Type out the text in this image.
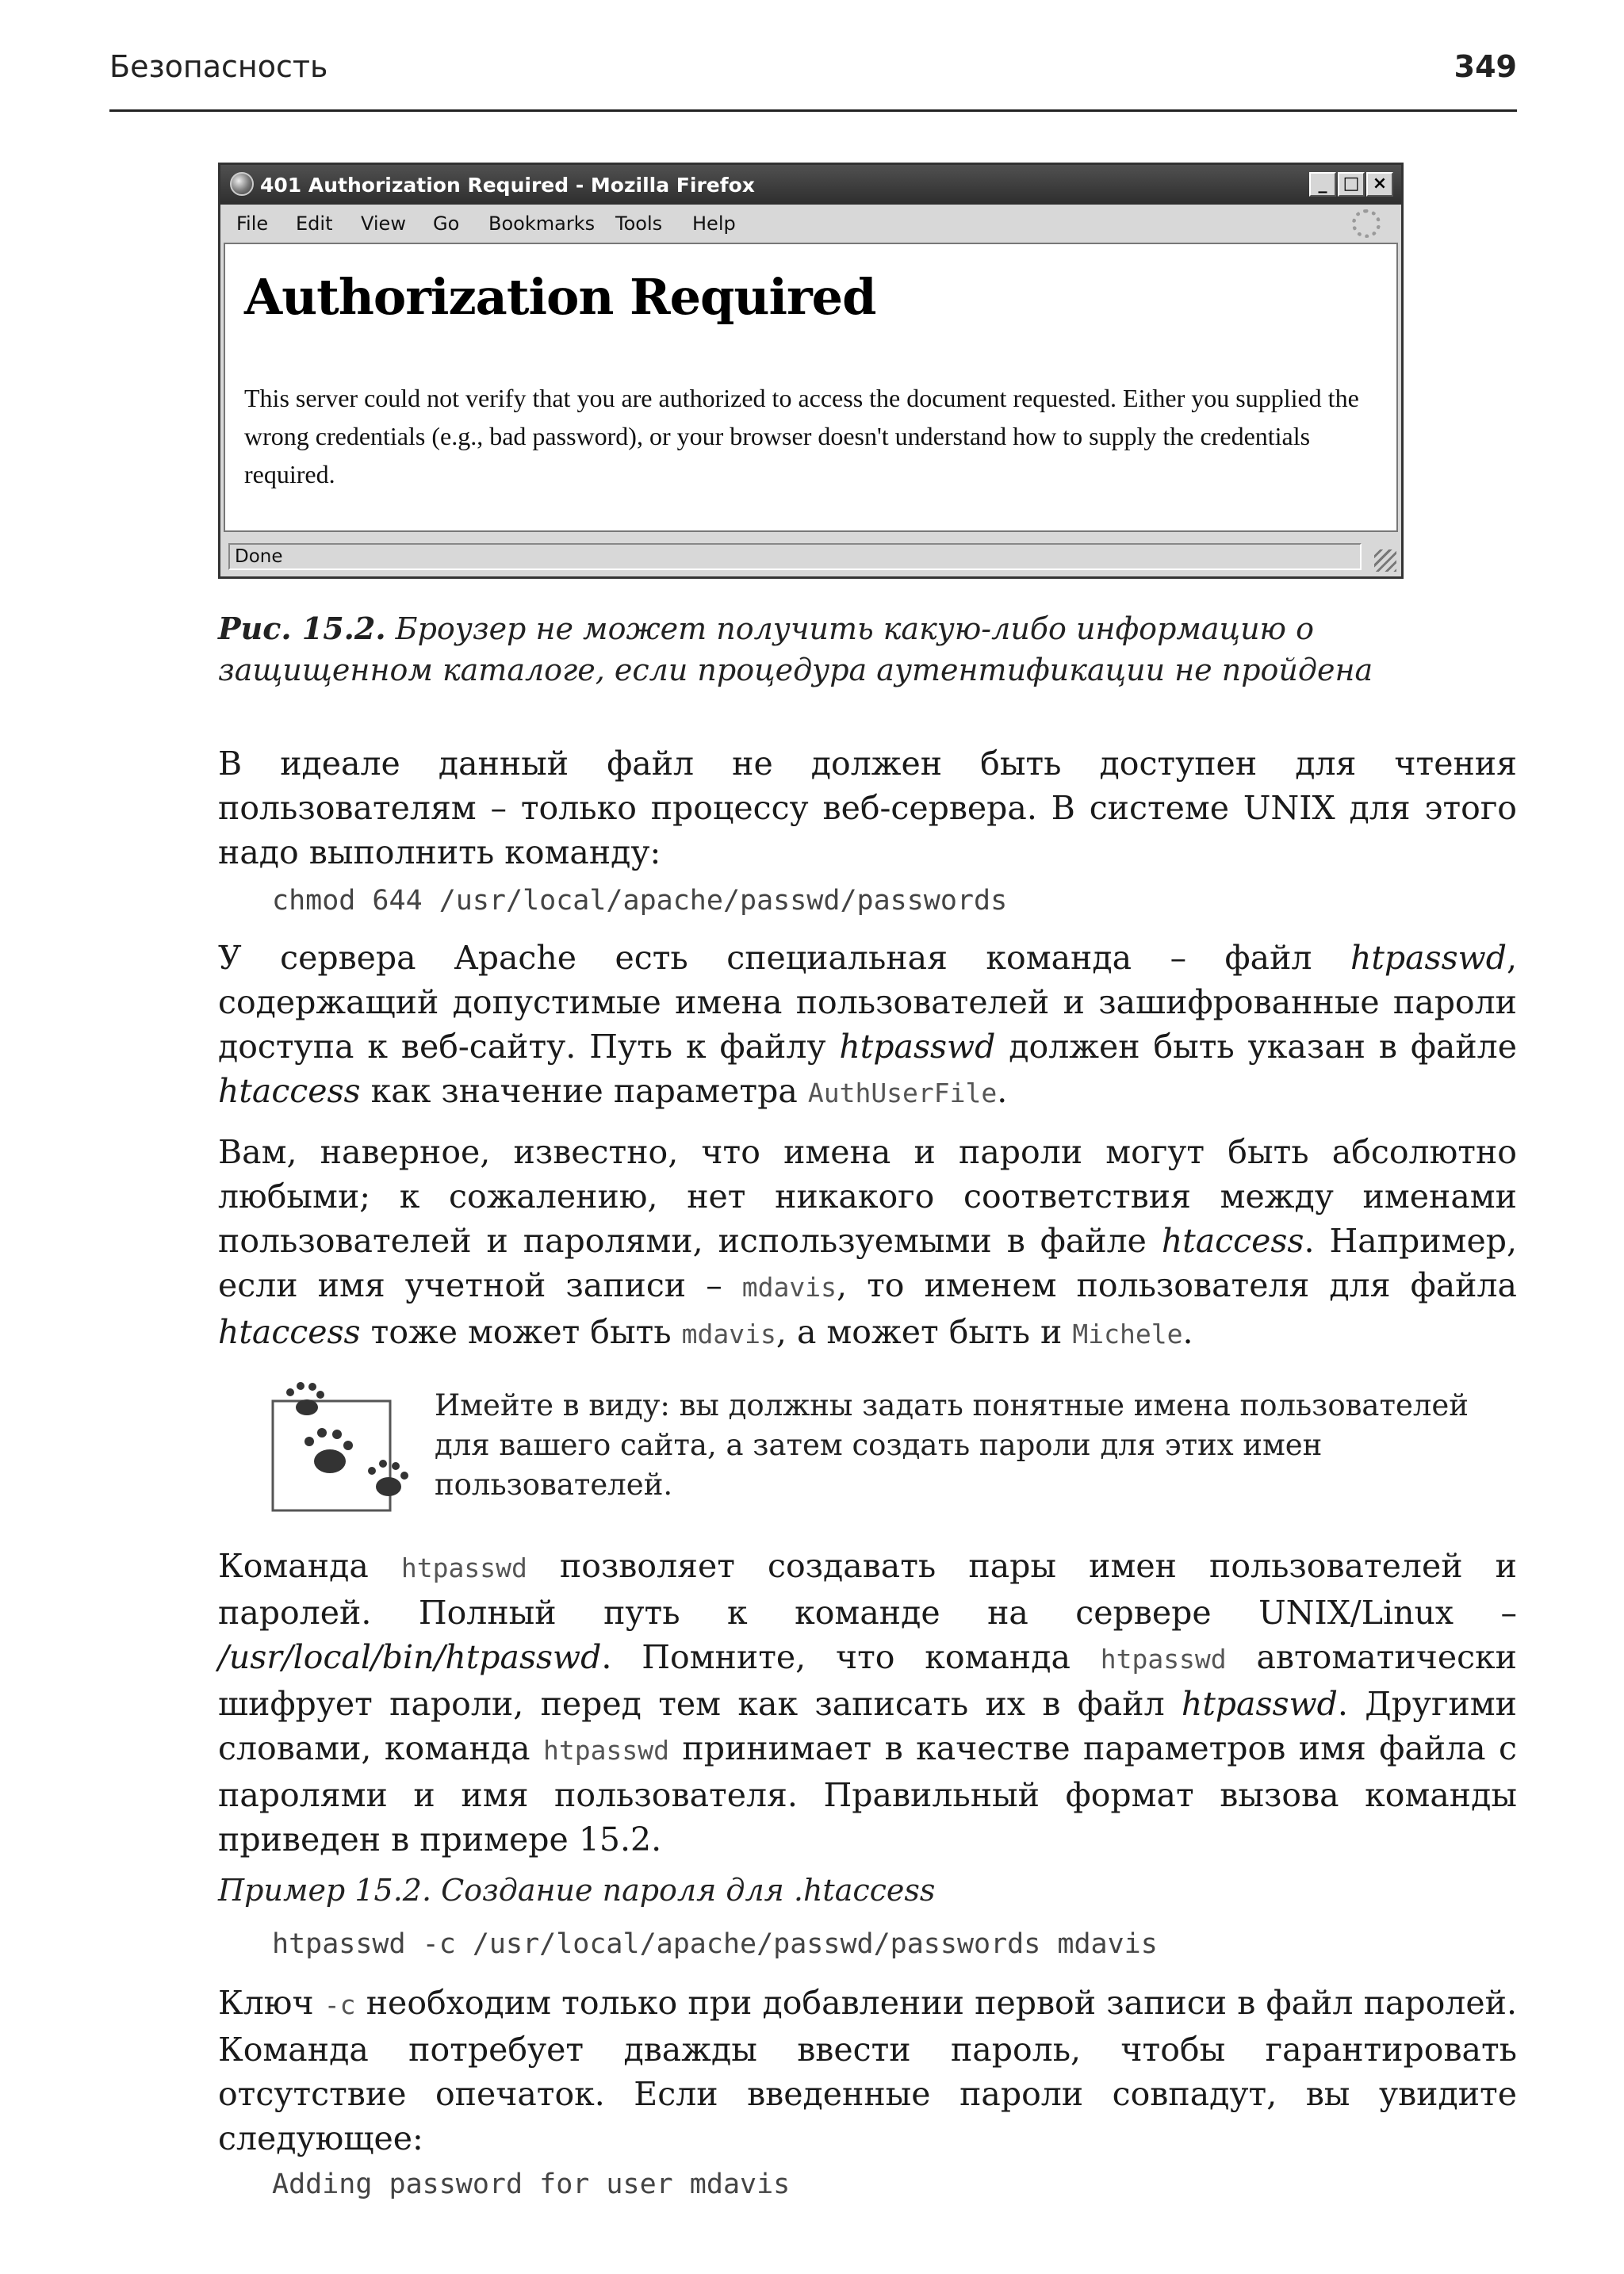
Безопасность	349
401 Authorization Required - Mozilla Firefox	_ □ ×
File Edit View Go Bookmarks Tools Help
Authorization Required

This server could not verify that you are authorized to access the document requested. Either you supplied the wrong credentials (e.g., bad password), or your browser doesn't understand how to supply the credentials required.

Done
Рис. 15.2. Броузер не может получить какую-либо информацию о защищенном каталоге, если процедура аутентификации не пройдена

В идеале данный файл не должен быть доступен для чтения пользователям – только процессу веб-сервера. В системе UNIX для этого надо выполнить команду:

chmod 644 /usr/local/apache/passwd/passwords

У сервера Apache есть специальная команда – файл htpasswd, содержащий допустимые имена пользователей и зашифрованные пароли доступа к веб-сайту. Путь к файлу htpasswd должен быть указан в файле htaccess как значение параметра AuthUserFile.

Вам, наверное, известно, что имена и пароли могут быть абсолютно любыми; к сожалению, нет никакого соответствия между именами пользователей и паролями, используемыми в файле htaccess. Например, если имя учетной записи – mdavis, то именем пользователя для файла htaccess тоже может быть mdavis, а может быть и Michele.

Имейте в виду: вы должны задать понятные имена пользователей для вашего сайта, а затем создать пароли для этих имен пользователей.

Команда htpasswd позволяет создавать пары имен пользователей и паролей. Полный путь к команде на сервере UNIX/Linux – /usr/local/bin/htpasswd. Помните, что команда htpasswd автоматически шифрует пароли, перед тем как записать их в файл htpasswd. Другими словами, команда htpasswd принимает в качестве параметров имя файла с паролями и имя пользователя. Правильный формат вызова команды приведен в примере 15.2.

Пример 15.2. Создание пароля для .htaccess
htpasswd -c /usr/local/apache/passwd/passwords mdavis

Ключ -c необходим только при добавлении первой записи в файл паролей. Команда потребует дважды ввести пароль, чтобы гарантировать отсутствие опечаток. Если введенные пароли совпадут, вы увидите следующее:

Adding password for user mdavis
